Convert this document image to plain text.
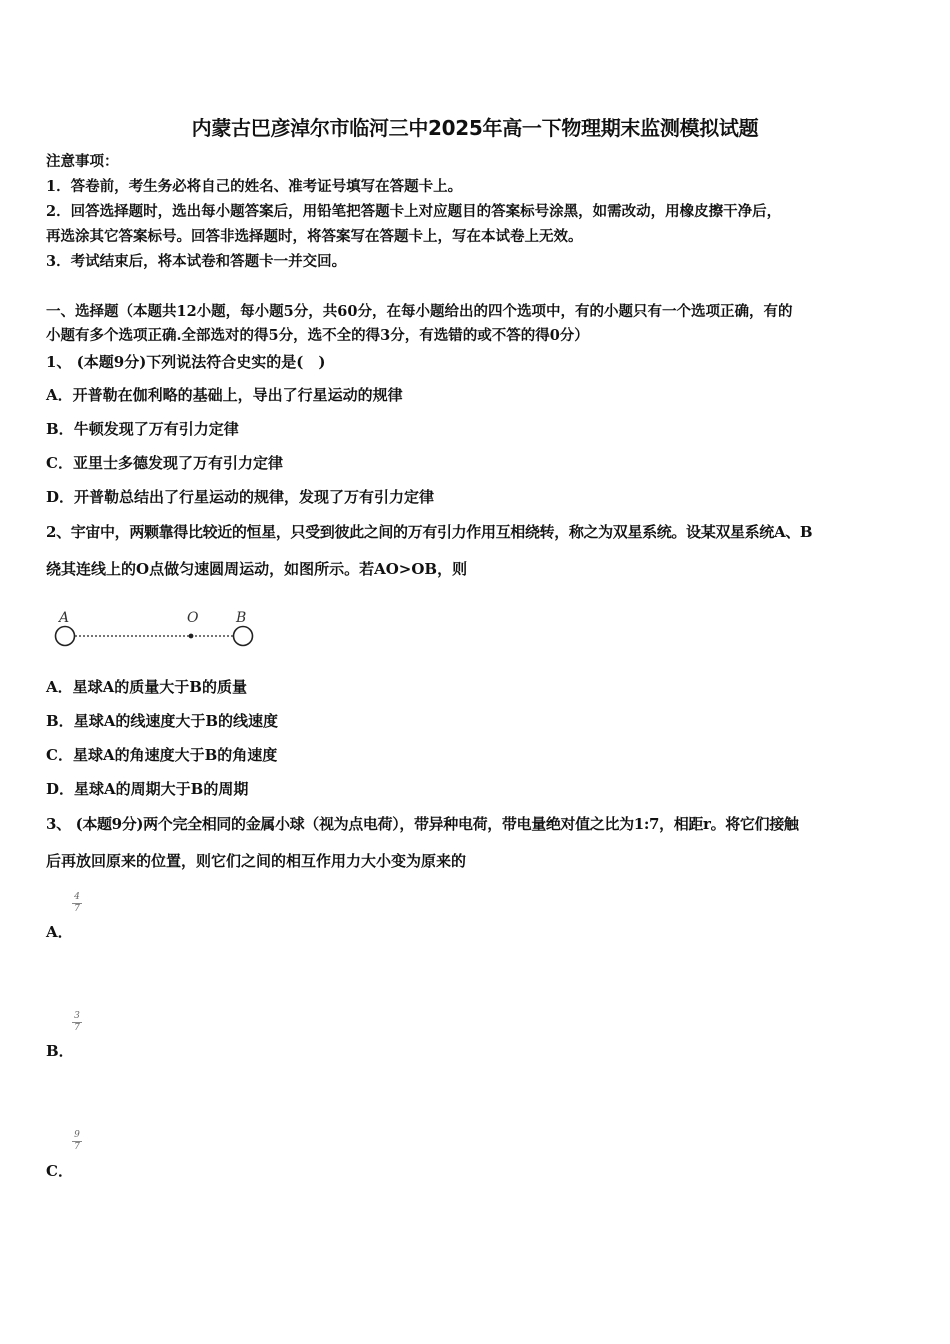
内蒙古巴彦淖尔市临河三中2025年高一下物理期末监测模拟试题
注意事项：
1．答卷前，考生务必将自己的姓名、准考证号填写在答题卡上。
2．回答选择题时，选出每小题答案后，用铅笔把答题卡上对应题目的答案标号涂黑，如需改动，用橡皮擦干净后，
再选涂其它答案标号。回答非选择题时，将答案写在答题卡上，写在本试卷上无效。
3．考试结束后，将本试卷和答题卡一并交回。
一、选择题（本题共12小题，每小题5分，共60分，在每小题给出的四个选项中，有的小题只有一个选项正确，有的
小题有多个选项正确.全部选对的得5分，选不全的得3分，有选错的或不答的得0分）
1、 (本题9分)下列说法符合史实的是(　)
A．开普勒在伽利略的基础上，导出了行星运动的规律
B．牛顿发现了万有引力定律
C．亚里士多德发现了万有引力定律
D．开普勒总结出了行星运动的规律，发现了万有引力定律
2、宇宙中，两颗靠得比较近的恒星，只受到彼此之间的万有引力作用互相绕转，称之为双星系统。设某双星系统A、B
绕其连线上的O点做匀速圆周运动，如图所示。若AO>OB，则
A	O	B
A．星球A的质量大于B的质量
B．星球A的线速度大于B的线速度
C．星球A的角速度大于B的角速度
D．星球A的周期大于B的周期
3、 (本题9分)两个完全相同的金属小球（视为点电荷），带异种电荷，带电量绝对值之比为1:7，相距r。将它们接触
后再放回原来的位置，则它们之间的相互作用力大小变为原来的
4
7
A．
3
7
B．
9
7
C．
